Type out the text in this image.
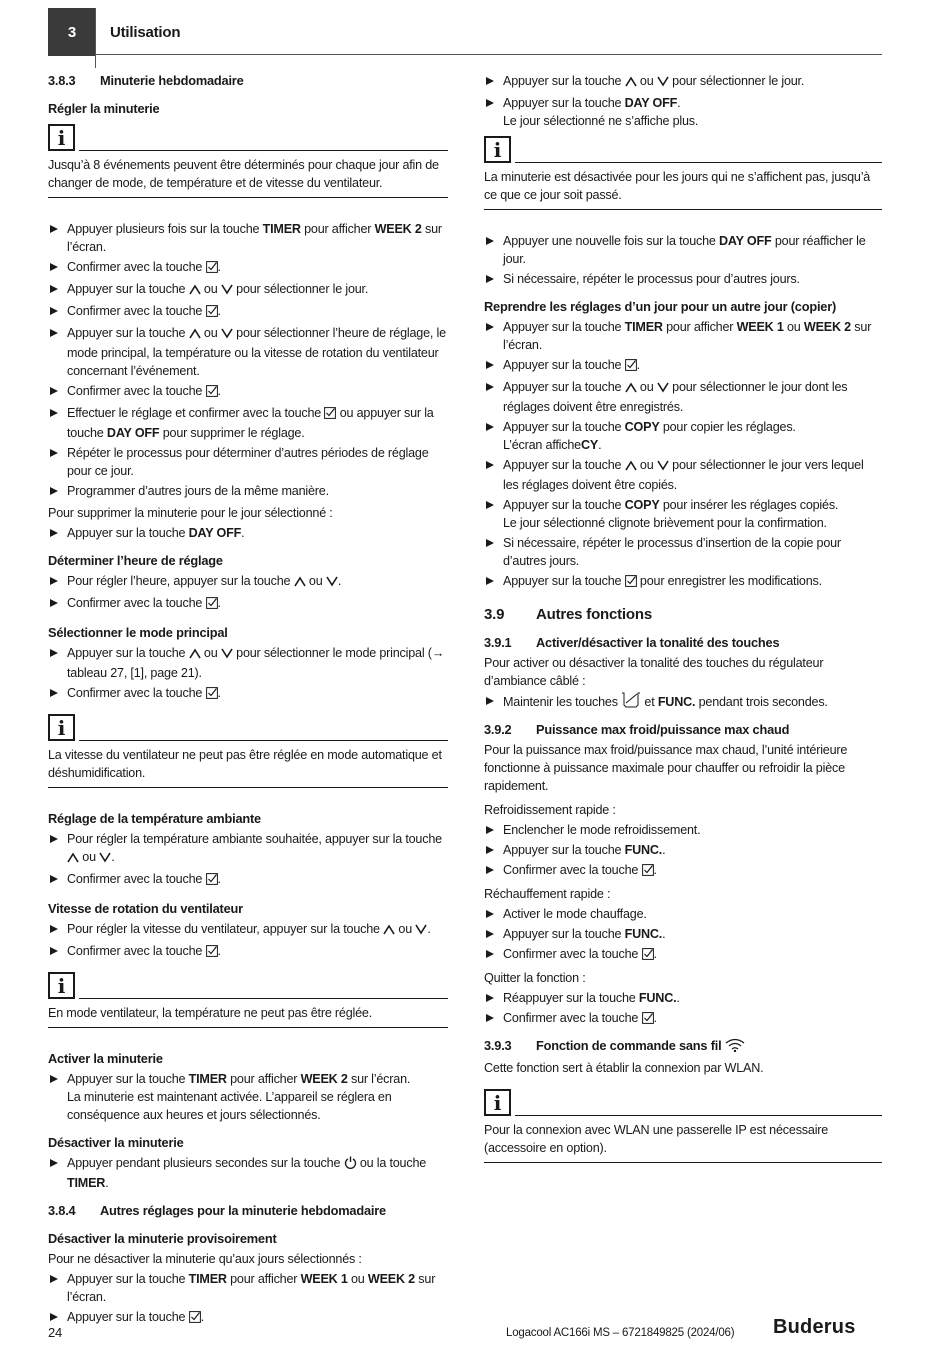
3 Utilisation
3.8.3 Minuterie hebdomadaire
Régler la minuterie
i
Jusqu’à 8 événements peuvent être déterminés pour chaque jour afin de changer de mode, de température et de vitesse du ventilateur.
Appuyer plusieurs fois sur la touche TIMER pour afficher WEEK 2 sur l’écran.
Confirmer avec la touche .
Appuyer sur la touche  ou  pour sélectionner le jour.
Confirmer avec la touche .
Appuyer sur la touche  ou  pour sélectionner l’heure de réglage, le mode principal, la température ou la vitesse de rotation du ventilateur concernant l’événement.
Confirmer avec la touche .
Effectuer le réglage et confirmer avec la touche  ou appuyer sur la touche DAY OFF pour supprimer le réglage.
Répéter le processus pour déterminer d’autres périodes de réglage pour ce jour.
Programmer d’autres jours de la même manière.

Pour supprimer la minuterie pour le jour sélectionné :

Appuyer sur la touche DAY OFF.
Déterminer l’heure de réglage
Pour régler l’heure, appuyer sur la touche  ou .
Confirmer avec la touche .
Sélectionner le mode principal
Appuyer sur la touche  ou  pour sélectionner le mode principal (→ tableau 27, [1], page 21).
Confirmer avec la touche .
i
La vitesse du ventilateur ne peut pas être réglée en mode automatique et déshumidification.
Réglage de la température ambiante
Pour régler la température ambiante souhaitée, appuyer sur la touche  ou .
Confirmer avec la touche .
Vitesse de rotation du ventilateur
Pour régler la vitesse du ventilateur, appuyer sur la touche  ou .
Confirmer avec la touche .
i
En mode ventilateur, la température ne peut pas être réglée.
Activer la minuterie
Appuyer sur la touche TIMER pour afficher WEEK 2 sur l’écran.
La minuterie est maintenant activée. L’appareil se réglera en conséquence aux heures et jours sélectionnés.
Désactiver la minuterie
Appuyer pendant plusieurs secondes sur la touche  ou la touche TIMER.
3.8.4 Autres réglages pour la minuterie hebdomadaire
Désactiver la minuterie provisoirement

Pour ne désactiver la minuterie qu’aux jours sélectionnés :

Appuyer sur la touche TIMER pour afficher WEEK 1 ou WEEK 2 sur l’écran.
Appuyer sur la touche .
Appuyer sur la touche  ou  pour sélectionner le jour.
Appuyer sur la touche DAY OFF.
Le jour sélectionné ne s’affiche plus.
i
La minuterie est désactivée pour les jours qui ne s’affichent pas, jusqu’à ce que ce jour soit passé.
Appuyer une nouvelle fois sur la touche DAY OFF pour réafficher le jour.
Si nécessaire, répéter le processus pour d’autres jours.
Reprendre les réglages d’un jour pour un autre jour (copier)
Appuyer sur la touche TIMER pour afficher WEEK 1 ou WEEK 2 sur l’écran.
Appuyer sur la touche .
Appuyer sur la touche  ou  pour sélectionner le jour dont les réglages doivent être enregistrés.
Appuyer sur la touche COPY pour copier les réglages.
L’écran afficheCY.
Appuyer sur la touche  ou  pour sélectionner le jour vers lequel les réglages doivent être copiés.
Appuyer sur la touche COPY pour insérer les réglages copiés.
Le jour sélectionné clignote brièvement pour la confirmation.
Si nécessaire, répéter le processus d’insertion de la copie pour d’autres jours.
Appuyer sur la touche  pour enregistrer les modifications.
3.9 Autres fonctions
3.9.1 Activer/désactiver la tonalité des touches

Pour activer ou désactiver la tonalité des touches du régulateur d’ambiance câblé :

Maintenir les touches  et FUNC. pendant trois secondes.
3.9.2 Puissance max froid/puissance max chaud

Pour la puissance max froid/puissance max chaud, l’unité intérieure fonctionne à puissance maximale pour chauffer ou refroidir la pièce rapidement.

Refroidissement rapide :

Enclencher le mode refroidissement.
Appuyer sur la touche FUNC..
Confirmer avec la touche .

Réchauffement rapide :

Activer le mode chauffage.
Appuyer sur la touche FUNC..
Confirmer avec la touche .

Quitter la fonction :

Réappuyer sur la touche FUNC..
Confirmer avec la touche .
3.9.3 Fonction de commande sans fil

Cette fonction sert à établir la connexion par WLAN.

i
Pour la connexion avec WLAN une passerelle IP est nécessaire (accessoire en option).
24	Logacool AC166i MS – 6721849825 (2024/06) Buderus
